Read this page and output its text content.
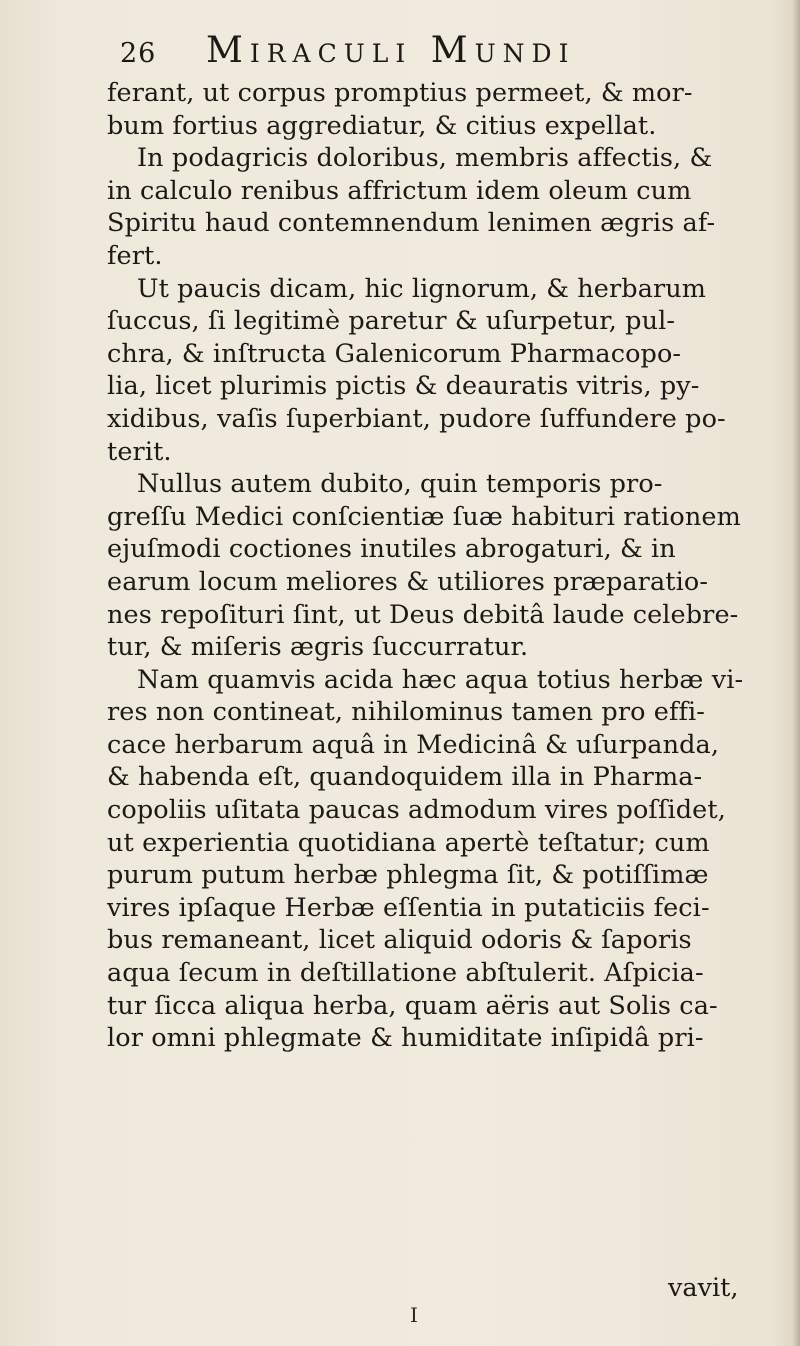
26 Miraculi Mundi
ferant, ut corpus promptius permeet, & mor-
bum fortius aggrediatur, & citius expellat.
In podagricis doloribus, membris affectis, &
in calculo renibus affrictum idem oleum cum
Spiritu haud contemnendum lenimen ægris af-
fert.
Ut paucis dicam, hic lignorum, & herbarum
ſuccus, ſi legitimè paretur & uſurpetur, pul-
chra, & inſtructa Galenicorum Pharmacopo-
lia, licet plurimis pictis & deauratis vitris, py-
xidibus, vaſis ſuperbiant, pudore ſuffundere po-
terit.
Nullus autem dubito, quin temporis pro-
greſſu Medici conſcientiæ ſuæ habituri rationem
ejuſmodi coctiones inutiles abrogaturi, & in
earum locum meliores & utiliores præparatio-
nes repoſituri ſint, ut Deus debitâ laude celebre-
tur, & miſeris ægris ſuccurratur.
Nam quamvis acida hæc aqua totius herbæ vi-
res non contineat, nihilominus tamen pro effi-
cace herbarum aquâ in Medicinâ & uſurpanda,
& habenda eſt, quandoquidem illa in Pharma-
copoliis uſitata paucas admodum vires poſſidet,
ut experientia quotidiana apertè teſtatur; cum
purum putum herbæ phlegma ſit, & potiſſimæ
vires ipſaque Herbæ eſſentia in putaticiis feci-
bus remaneant, licet aliquid odoris & ſaporis
aqua ſecum in deſtillatione abſtulerit. Aſpicia-
tur ſicca aliqua herba, quam aëris aut Solis ca-
lor omni phlegmate & humiditate inſipidâ pri-
vavit,
I
